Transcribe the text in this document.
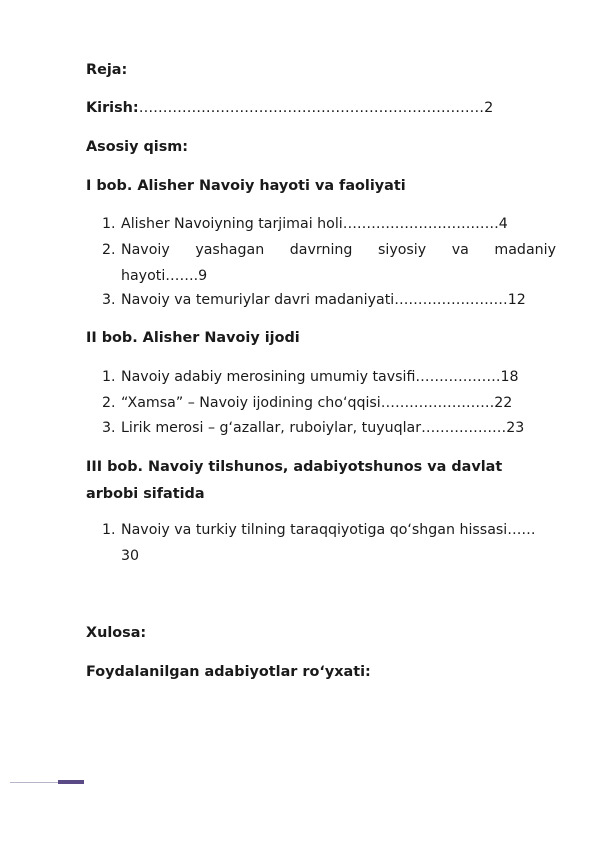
Reja:
Kirish:………………………………………………………………2
Asosiy qism:
I bob. Alisher Navoiy hayoti va faoliyati
1. Alisher Navoiyning tarjimai holi……………………………4
2. Navoiy yashagan davrning siyosiy va madaniy
hayoti…….9
3. Navoiy va temuriylar davri madaniyati……………………12
II bob. Alisher Navoiy ijodi
1. Navoiy adabiy merosining umumiy tavsifi………………18
2. “Xamsa” – Navoiy ijodining cho‘qqisi……………………22
3. Lirik merosi – g‘azallar, ruboiylar, tuyuqlar………………23
III bob. Navoiy tilshunos, adabiyotshunos va davlat arbobi sifatida
1. Navoiy va turkiy tilning taraqqiyotiga qo‘shgan hissasi……
30
Xulosa:
Foydalanilgan adabiyotlar ro‘yxati:
